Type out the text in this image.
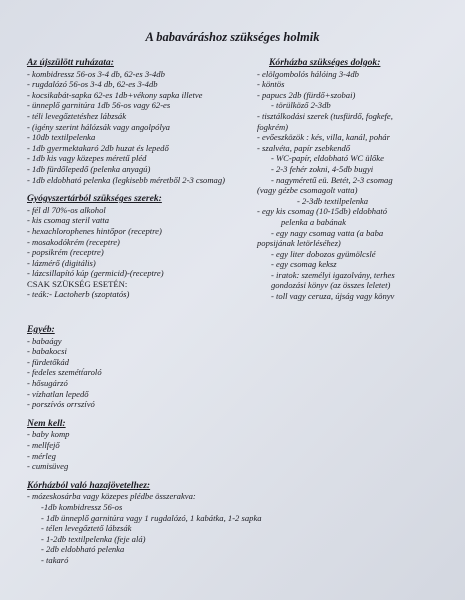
A babaváráshoz szükséges holmik
Az újszülött ruházata:
- kombidressz 56-os 3-4 db, 62-es 3-4db
- rugdalózó 56-os 3-4 db, 62-es 3-4db
- kocsikabát-sapka 62-es 1db+vékony sapka illetve
- ünneplő garnitúra 1db 56-os vagy 62-es
- téli levegőztetéshez lábzsák
- (igény szerint hálózsák vagy angolpólya
- 10db textilpelenka
- 1db gyermektakaró 2db huzat és lepedő
- 1db kis vagy közepes méretű pléd
- 1db fürdőlepedő (pelenka anyagú)
- 1db eldobható pelenka (legkisebb méretből 2-3 csomag)
Gyógyszertárból szükséges szerek:
- fél dl 70%-os alkohol
- kis csomag steril vatta
- hexachlorophenes hintőpor (receptre)
- mosakodókrém (receptre)
- popsikrém (receptre)
- lázmérő (digitális)
- lázcsillapító kúp (germicid)-(receptre)
CSAK SZÜKSÉG ESETÉN:
- teák:- Lactoherb (szoptatós)
Egyéb:
- babaágy
- babakocsi
- fürdetőkád
- fedeles szemétt́aroló
- hősugárzó
- vízhatlan lepedő
- porszívós orrszívó
Nem kell:
- baby komp
- mellfejő
- mérleg
- cumisüveg
Kórházból való hazajövetelhez:
- mózeskosárba vagy közepes plédbe összerakva:
-1db kombidressz 56-os
- 1db ünneplő garnitúra vagy 1 rugdalózó, 1 kabátka, 1-2 sapka
- télen levegőztető lábzsák
- 1-2db textilpelenka (feje alá)
- 2db eldobható pelenka
- takaró
Kórházba szükséges dolgok:
- elölgombolós hálóing 3-4db
- köntös
- papucs 2db (fürdő+szobai)
- törülköző 2-3db
- tisztálkodási szerek (tusfürdő, fogkefe,
fogkrém)
- evőeszközök : kés, villa, kanál, pohár
- szalvéta, papír zsebkendő
- WC-papír, eldobható WC ülőke
- 2-3 fehér zokni, 4-5db bugyi
- nagyméretű eü. Betét, 2-3 csomag
(vagy gézbe csomagolt vatta)
- 2-3db textilpelenka
- egy kis csomag (10-15db) eldobható
pelenka a babának
- egy nagy csomag vatta (a baba
popsijának letörléséhez)
- egy liter dobozos gyümölcslé
- egy csomag keksz
- iratok: személyi igazolvány, terhes
gondozási könyv (az összes leletet)
- toll vagy ceruza, újság vagy könyv
